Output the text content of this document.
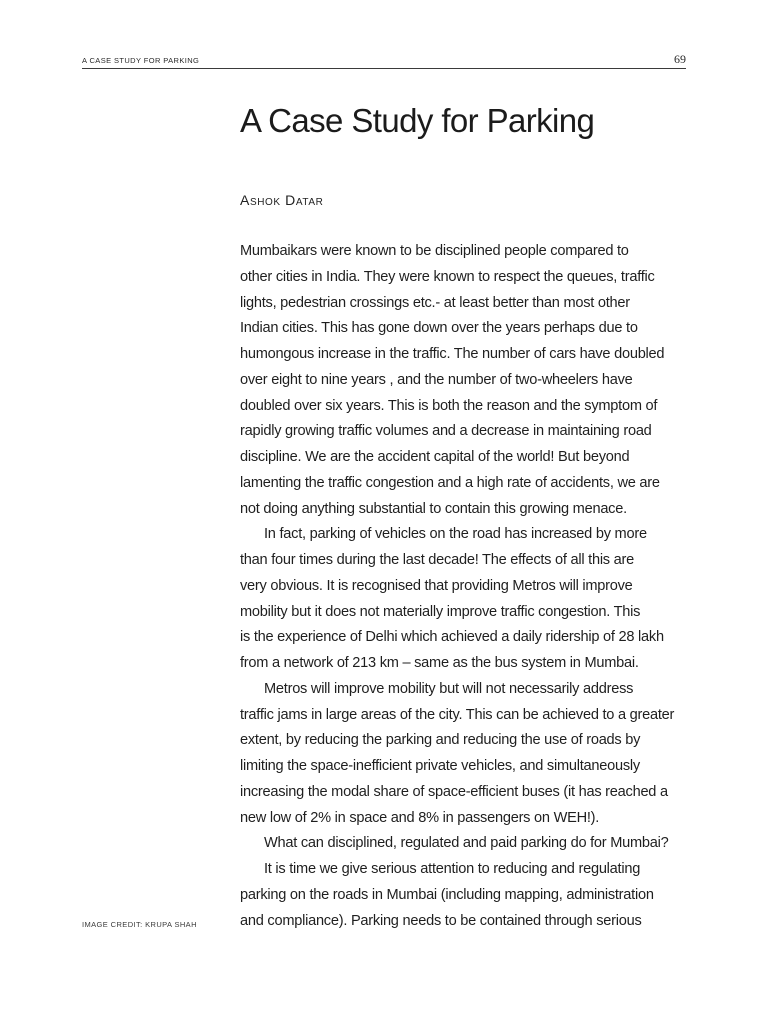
A CASE STUDY FOR PARKING	69
A Case Study for Parking
Ashok Datar
Mumbaikars were known to be disciplined people compared to
other cities in India. They were known to respect the queues, traffic
lights, pedestrian crossings etc.- at least better than most other
Indian cities. This has gone down over the years perhaps due to
humongous increase in the traffic. The number of cars have doubled
over eight to nine years , and the number of two-wheelers have
doubled over six years. This is both the reason and the symptom of
rapidly growing traffic volumes and a decrease in maintaining road
discipline. We are the accident capital of the world! But beyond
lamenting the traffic congestion and a high rate of accidents, we are
not doing anything substantial to contain this growing menace.
In fact, parking of vehicles on the road has increased by more
than four times during the last decade! The effects of all this are
very obvious. It is recognised that providing Metros will improve
mobility but it does not materially improve traffic congestion. This
is the experience of Delhi which achieved a daily ridership of 28 lakh
from a network of 213 km – same as the bus system in Mumbai.
Metros will improve mobility but will not necessarily address
traffic jams in large areas of the city. This can be achieved to a greater
extent, by reducing the parking and reducing the use of roads by
limiting the space-inefficient private vehicles, and simultaneously
increasing the modal share of space-efficient buses (it has reached a
new low of 2% in space and 8% in passengers on WEH!).
What can disciplined, regulated and paid parking do for Mumbai?
It is time we give serious attention to reducing and regulating
parking on the roads in Mumbai (including mapping, administration
and compliance). Parking needs to be contained through serious
IMAGE CREDIT: KRUPA SHAH
